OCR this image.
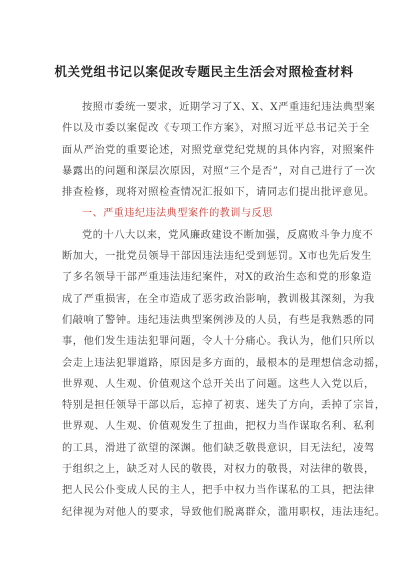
机关党组书记以案促改专题民主生活会对照检查材料
按照市委统一要求，近期学习了X、X、X严重违纪违法典型案
件以及市委以案促改《专项工作方案》，对照习近平总书记关于全
面从严治党的重要论述，对照党章党纪党规的具体内容，对照案件
暴露出的问题和深层次原因，对照“三个是否”，对自己进行了一次
排查检修，现将对照检查情况汇报如下，请同志们提出批评意见。
一、严重违纪违法典型案件的教训与反思
党的十八大以来，党风廉政建设不断加强，反腐败斗争力度不
断加大，一批党员领导干部因违法违纪受到惩罚。X市也先后发生
了多名领导干部严重违法违纪案件，对X的政治生态和党的形象造
成了严重损害，在全市造成了恶劣政治影响，教训极其深刻，为我
们敲响了警钟。违纪违法典型案例涉及的人员，有些是我熟悉的同
事，他们发生违法犯罪问题，令人十分痛心。我认为，他们只所以
会走上违法犯罪道路，原因是多方面的，最根本的是理想信念动摇，
世界观、人生观、价值观这个总开关出了问题。这些人入党以后，
特别是担任领导干部以后，忘掉了初衷、迷失了方向，丢掉了宗旨，
世界观、人生观、价值观发生了扭曲，把权力当作谋取名利、私利
的工具，滑进了欲望的深渊。他们缺乏敬畏意识，目无法纪，凌驾
于组织之上，缺乏对人民的敬畏，对权力的敬畏，对法律的敬畏，
把人民公仆变成人民的主人，把手中权力当作谋私的工具，把法律
纪律视为对他人的要求，导致他们脱离群众，滥用职权，违法违纪。
